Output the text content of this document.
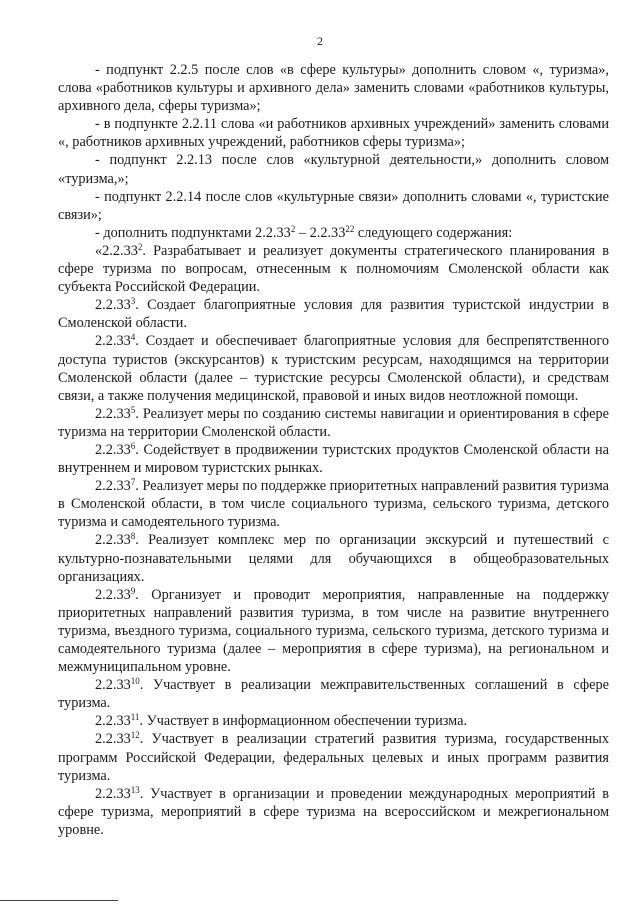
2

- подпункт 2.2.5 после слов «в сфере культуры» дополнить словом «, туризма», слова «работников культуры и архивного дела» заменить словами «работников культуры, архивного дела, сферы туризма»;

- в подпункте 2.2.11 слова «и работников архивных учреждений» заменить словами «, работников архивных учреждений, работников сферы туризма»;

- подпункт 2.2.13 после слов «культурной деятельности,» дополнить словом «туризма,»;

- подпункт 2.2.14 после слов «культурные связи» дополнить словами «, туристские связи»;

- дополнить подпунктами 2.2.33$^2$ – 2.2.33$^{22}$ следующего содержания:

«2.2.33$^2$. Разрабатывает и реализует документы стратегического планирования в сфере туризма по вопросам, отнесенным к полномочиям Смоленской области как субъекта Российской Федерации.

2.2.33$^3$. Создает благоприятные условия для развития туристской индустрии в Смоленской области.

2.2.33$^4$. Создает и обеспечивает благоприятные условия для беспрепятственного доступа туристов (экскурсантов) к туристским ресурсам, находящимся на территории Смоленской области (далее – туристские ресурсы Смоленской области), и средствам связи, а также получения медицинской, правовой и иных видов неотложной помощи.

2.2.33$^5$. Реализует меры по созданию системы навигации и ориентирования в сфере туризма на территории Смоленской области.

2.2.33$^6$. Содействует в продвижении туристских продуктов Смоленской области на внутреннем и мировом туристских рынках.

2.2.33$^7$. Реализует меры по поддержке приоритетных направлений развития туризма в Смоленской области, в том числе социального туризма, сельского туризма, детского туризма и самодеятельного туризма.

2.2.33$^8$. Реализует комплекс мер по организации экскурсий и путешествий с культурно-познавательными целями для обучающихся в общеобразовательных организациях.

2.2.33$^9$. Организует и проводит мероприятия, направленные на поддержку приоритетных направлений развития туризма, в том числе на развитие внутреннего туризма, въездного туризма, социального туризма, сельского туризма, детского туризма и самодеятельного туризма (далее – мероприятия в сфере туризма), на региональном и межмуниципальном уровне.

2.2.33$^{10}$. Участвует в реализации межправительственных соглашений в сфере туризма.

2.2.33$^{11}$. Участвует в информационном обеспечении туризма.

2.2.33$^{12}$. Участвует в реализации стратегий развития туризма, государственных программ Российской Федерации, федеральных целевых и иных программ развития туризма.

2.2.33$^{13}$. Участвует в организации и проведении международных мероприятий в сфере туризма, мероприятий в сфере туризма на всероссийском и межрегиональном уровне.
